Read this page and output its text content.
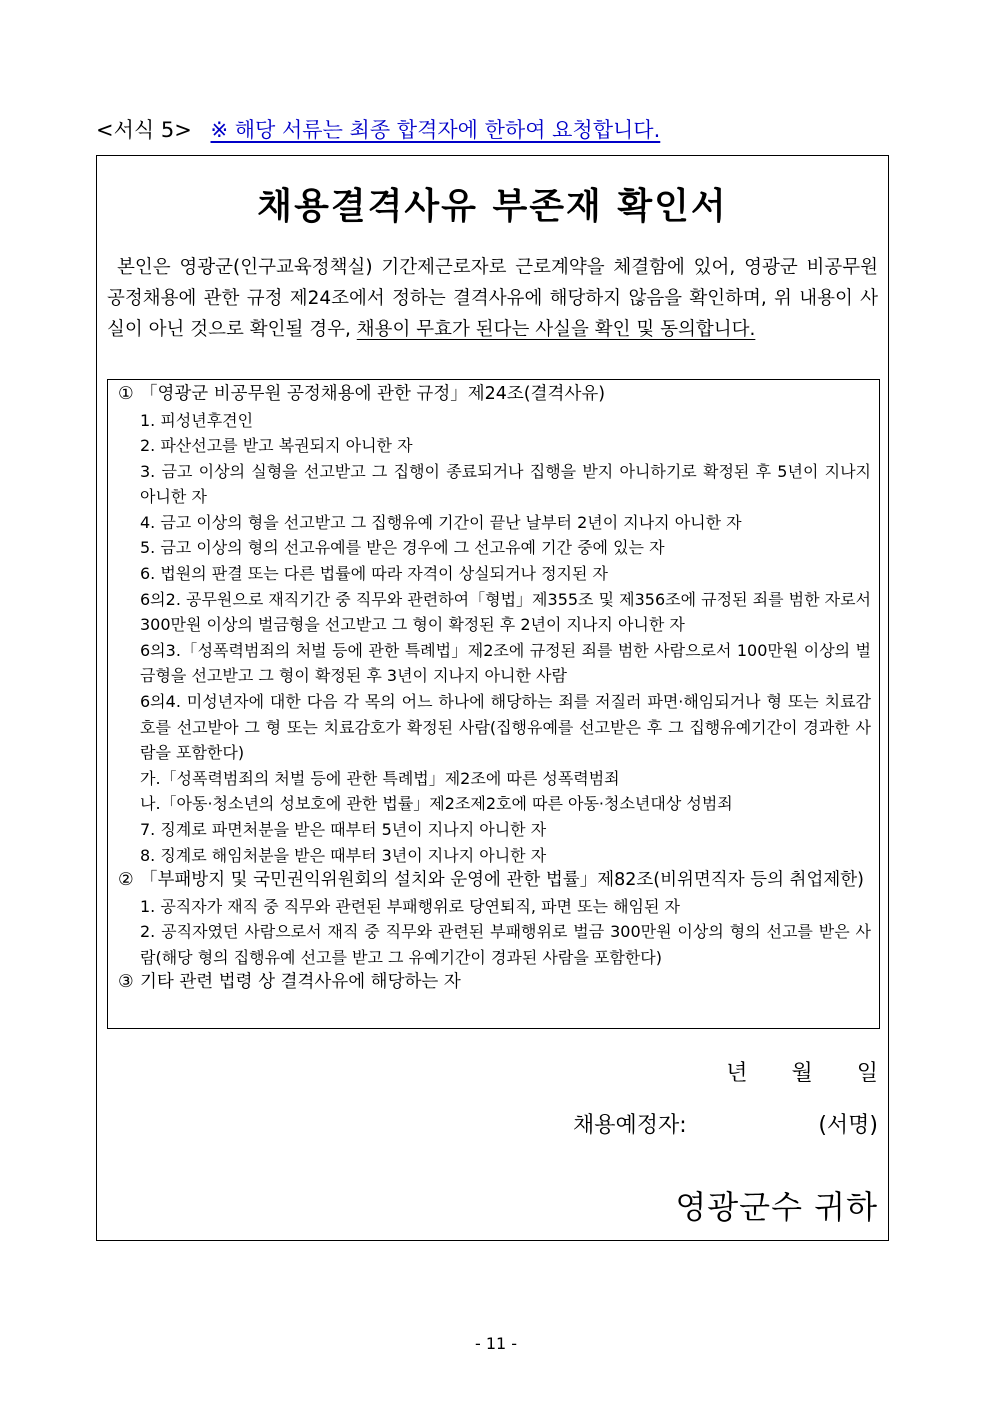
<서식 5> ※ 해당 서류는 최종 합격자에 한하여 요청합니다.
채용결격사유 부존재 확인서
본인은 영광군(인구교육정책실) 기간제근로자로 근로계약을 체결함에 있어, 영광군 비공무원 공정채용에 관한 규정 제24조에서 정하는 결격사유에 해당하지 않음을 확인하며, 위 내용이 사실이 아닌 것으로 확인될 경우, 채용이 무효가 된다는 사실을 확인 및 동의합니다.
① 「영광군 비공무원 공정채용에 관한 규정」제24조(결격사유)
1. 피성년후견인
2. 파산선고를 받고 복권되지 아니한 자
3. 금고 이상의 실형을 선고받고 그 집행이 종료되거나 집행을 받지 아니하기로 확정된 후 5년이 지나지 아니한 자
4. 금고 이상의 형을 선고받고 그 집행유예 기간이 끝난 날부터 2년이 지나지 아니한 자
5. 금고 이상의 형의 선고유예를 받은 경우에 그 선고유예 기간 중에 있는 자
6. 법원의 판결 또는 다른 법률에 따라 자격이 상실되거나 정지된 자
6의2. 공무원으로 재직기간 중 직무와 관련하여「형법」제355조 및 제356조에 규정된 죄를 범한 자로서 300만원 이상의 벌금형을 선고받고 그 형이 확정된 후 2년이 지나지 아니한 자
6의3.「성폭력범죄의 처벌 등에 관한 특례법」제2조에 규정된 죄를 범한 사람으로서 100만원 이상의 벌금형을 선고받고 그 형이 확정된 후 3년이 지나지 아니한 사람
6의4. 미성년자에 대한 다음 각 목의 어느 하나에 해당하는 죄를 저질러 파면·해임되거나 형 또는 치료감호를 선고받아 그 형 또는 치료감호가 확정된 사람(집행유예를 선고받은 후 그 집행유예기간이 경과한 사람을 포함한다)
가.「성폭력범죄의 처벌 등에 관한 특례법」제2조에 따른 성폭력범죄
나.「아동·청소년의 성보호에 관한 법률」제2조제2호에 따른 아동·청소년대상 성범죄
7. 징계로 파면처분을 받은 때부터 5년이 지나지 아니한 자
8. 징계로 해임처분을 받은 때부터 3년이 지나지 아니한 자
② 「부패방지 및 국민권익위원회의 설치와 운영에 관한 법률」제82조(비위면직자 등의 취업제한)
1. 공직자가 재직 중 직무와 관련된 부패행위로 당연퇴직, 파면 또는 해임된 자
2. 공직자였던 사람으로서 재직 중 직무와 관련된 부패행위로 벌금 300만원 이상의 형의 선고를 받은 사람(해당 형의 집행유예 선고를 받고 그 유예기간이 경과된 사람을 포함한다)
③ 기타 관련 법령 상 결격사유에 해당하는 자
년 월 일
채용예정자:	(서명)
영광군수 귀하
- 11 -
